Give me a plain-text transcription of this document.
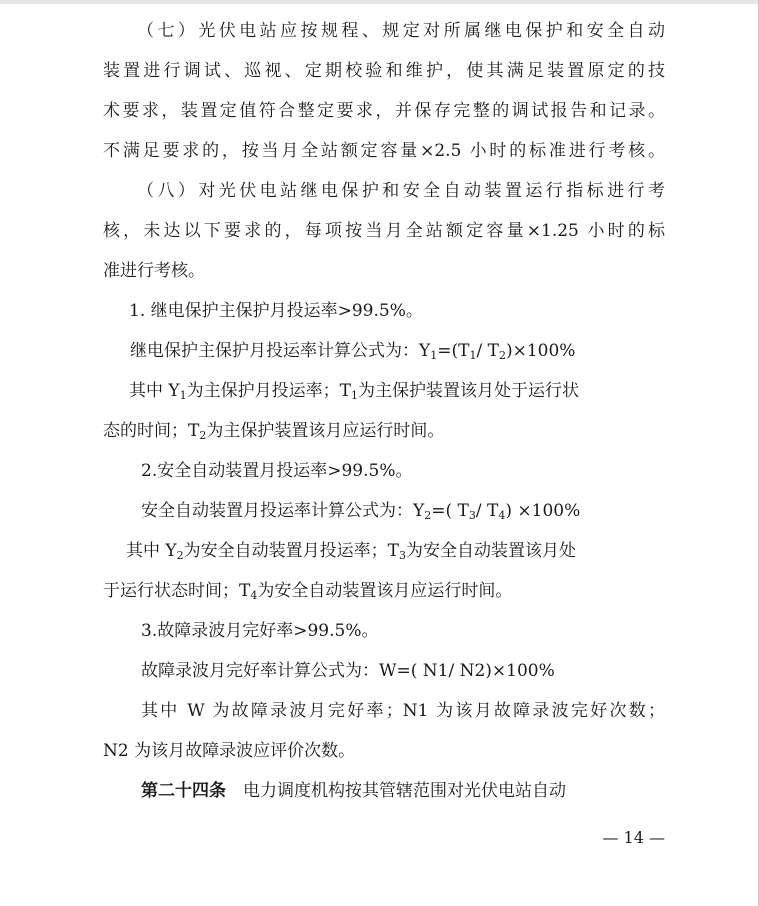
（七）光伏电站应按规程、规定对所属继电保护和安全自动
装置进行调试、巡视、定期校验和维护，使其满足装置原定的技
术要求，装置定值符合整定要求，并保存完整的调试报告和记录。
不满足要求的，按当月全站额定容量×2.5 小时的标准进行考核。
（八）对光伏电站继电保护和安全自动装置运行指标进行考
核，未达以下要求的，每项按当月全站额定容量×1.25 小时的标
准进行考核。
1. 继电保护主保护月投运率>99.5%。
继电保护主保护月投运率计算公式为：$Y_1=(T_1/$ $T_2)\times 100\%$
其中 $Y_1$为主保护月投运率；$T_1$为主保护装置该月处于运行状
态的时间；$T_2$为主保护装置该月应运行时间。
2.安全自动装置月投运率>99.5%。
安全自动装置月投运率计算公式为：$Y_2=$( $T_3/$ $T_4) \times 100\%$
其中 $Y_2$为安全自动装置月投运率；$T_3$为安全自动装置该月处
于运行状态时间；$T_4$为安全自动装置该月应运行时间。
3.故障录波月完好率>99.5%。
故障录波月完好率计算公式为：W=( N1/ N2)×100%
其中 W 为故障录波月完好率；N1 为该月故障录波完好次数；
N2 为该月故障录波应评价次数。
第二十四条　电力调度机构按其管辖范围对光伏电站自动
— 14 —
